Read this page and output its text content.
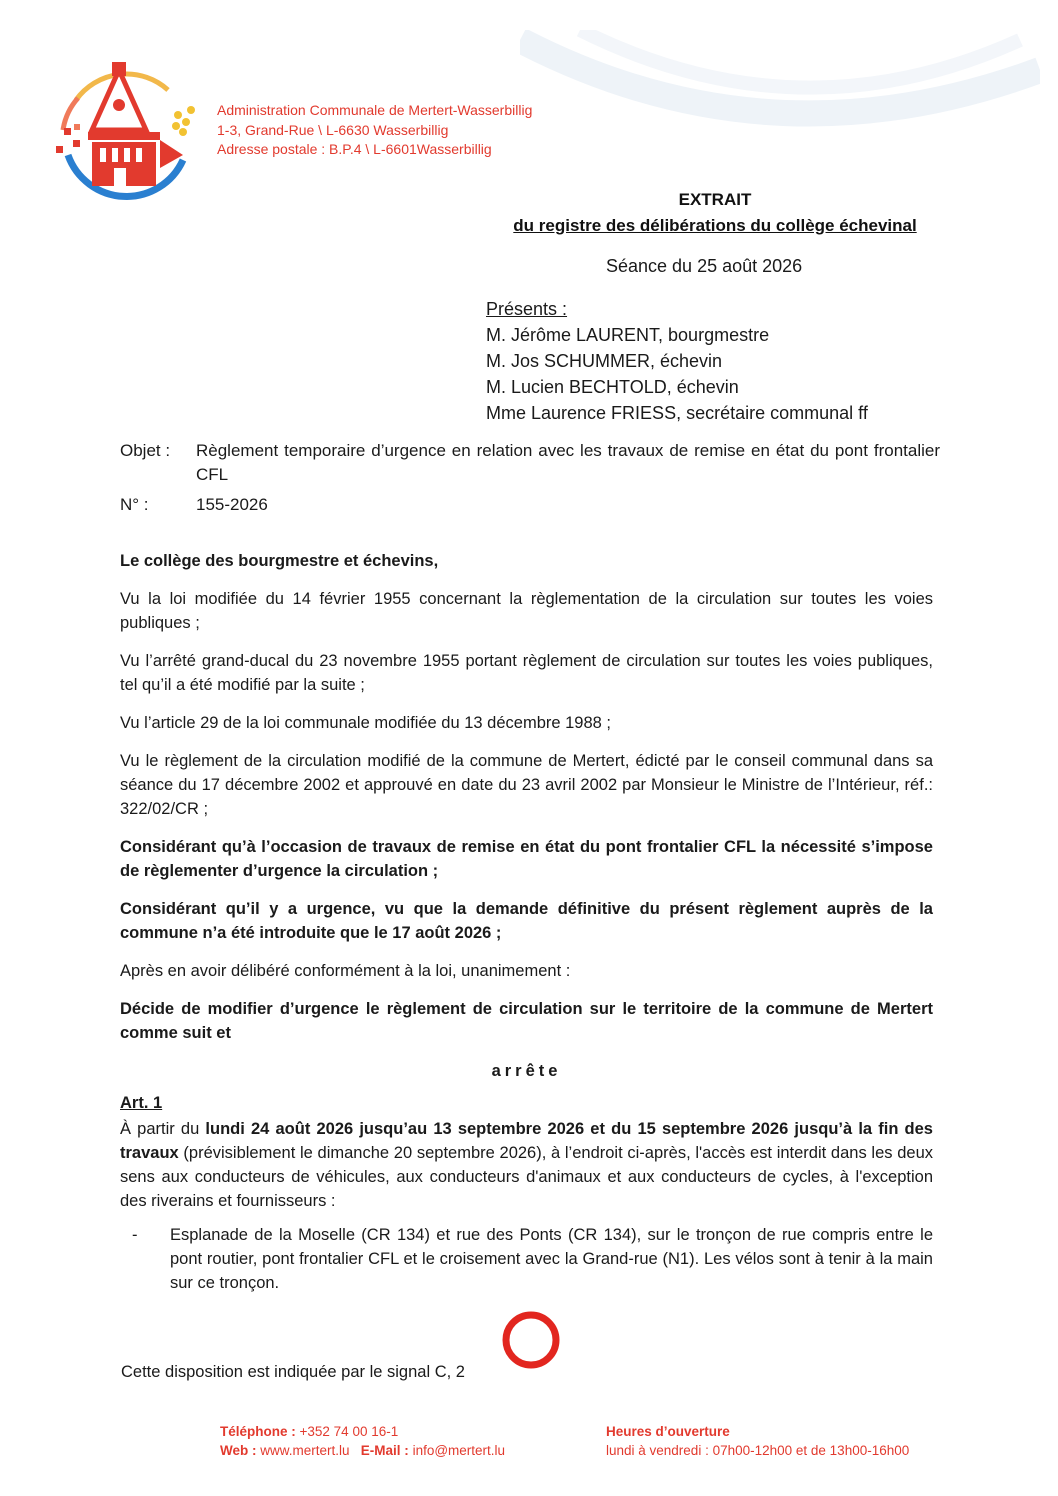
Administration Communale de Mertert-Wasserbillig
1-3, Grand-Rue \ L-6630 Wasserbillig
Adresse postale : B.P.4 \ L-6601Wasserbillig
EXTRAIT
du registre des délibérations du collège échevinal
Séance du 25 août 2026
Présents :
M. Jérôme LAURENT, bourgmestre
M. Jos SCHUMMER, échevin
M. Lucien BECHTOLD, échevin
Mme Laurence FRIESS, secrétaire communal ff
Objet :	Règlement temporaire d’urgence en relation avec les travaux de remise en état du pont frontalier CFL
N° :	155-2026

Le collège des bourgmestre et échevins,

Vu la loi modifiée du 14 février 1955 concernant la règlementation de la circulation sur toutes les voies publiques ;

Vu l’arrêté grand-ducal du 23 novembre 1955 portant règlement de circulation sur toutes les voies publiques, tel qu’il a été modifié par la suite ;

Vu l’article 29 de la loi communale modifiée du 13 décembre 1988 ;

Vu le règlement de la circulation modifié de la commune de Mertert, édicté par le conseil communal dans sa séance du 17 décembre 2002 et approuvé en date du 23 avril 2002 par Monsieur le Ministre de l’Intérieur, réf.: 322/02/CR ;

Considérant qu’à l’occasion de travaux de remise en état du pont frontalier CFL la nécessité s’impose de règlementer d’urgence la circulation ;

Considérant qu’il y a urgence, vu que la demande définitive du présent règlement auprès de la commune n’a été introduite que le 17 août 2026 ;

Après en avoir délibéré conformément à la loi, unanimement :

Décide de modifier d’urgence le règlement de circulation sur le territoire de la commune de Mertert comme suit et

arrête

Art. 1

À partir du lundi 24 août 2026 jusqu’au 13 septembre 2026 et du 15 septembre 2026 jusqu’à la fin des travaux (prévisiblement le dimanche 20 septembre 2026), à l’endroit ci-après, l'accès est interdit dans les deux sens aux conducteurs de véhicules, aux conducteurs d'animaux et aux conducteurs de cycles, à l'exception des riverains et fournisseurs :

-	Esplanade de la Moselle (CR 134) et rue des Ponts (CR 134), sur le tronçon de rue compris entre le pont routier, pont frontalier CFL et le croisement avec la Grand-rue (N1). Les vélos sont à tenir à la main sur ce tronçon.
Cette disposition est indiquée par le signal C, 2
Téléphone : +352 74 00 16-1
Web : www.mertert.lu E-Mail : info@mertert.lu
Heures d’ouverture
lundi à vendredi : 07h00-12h00 et de 13h00-16h00
